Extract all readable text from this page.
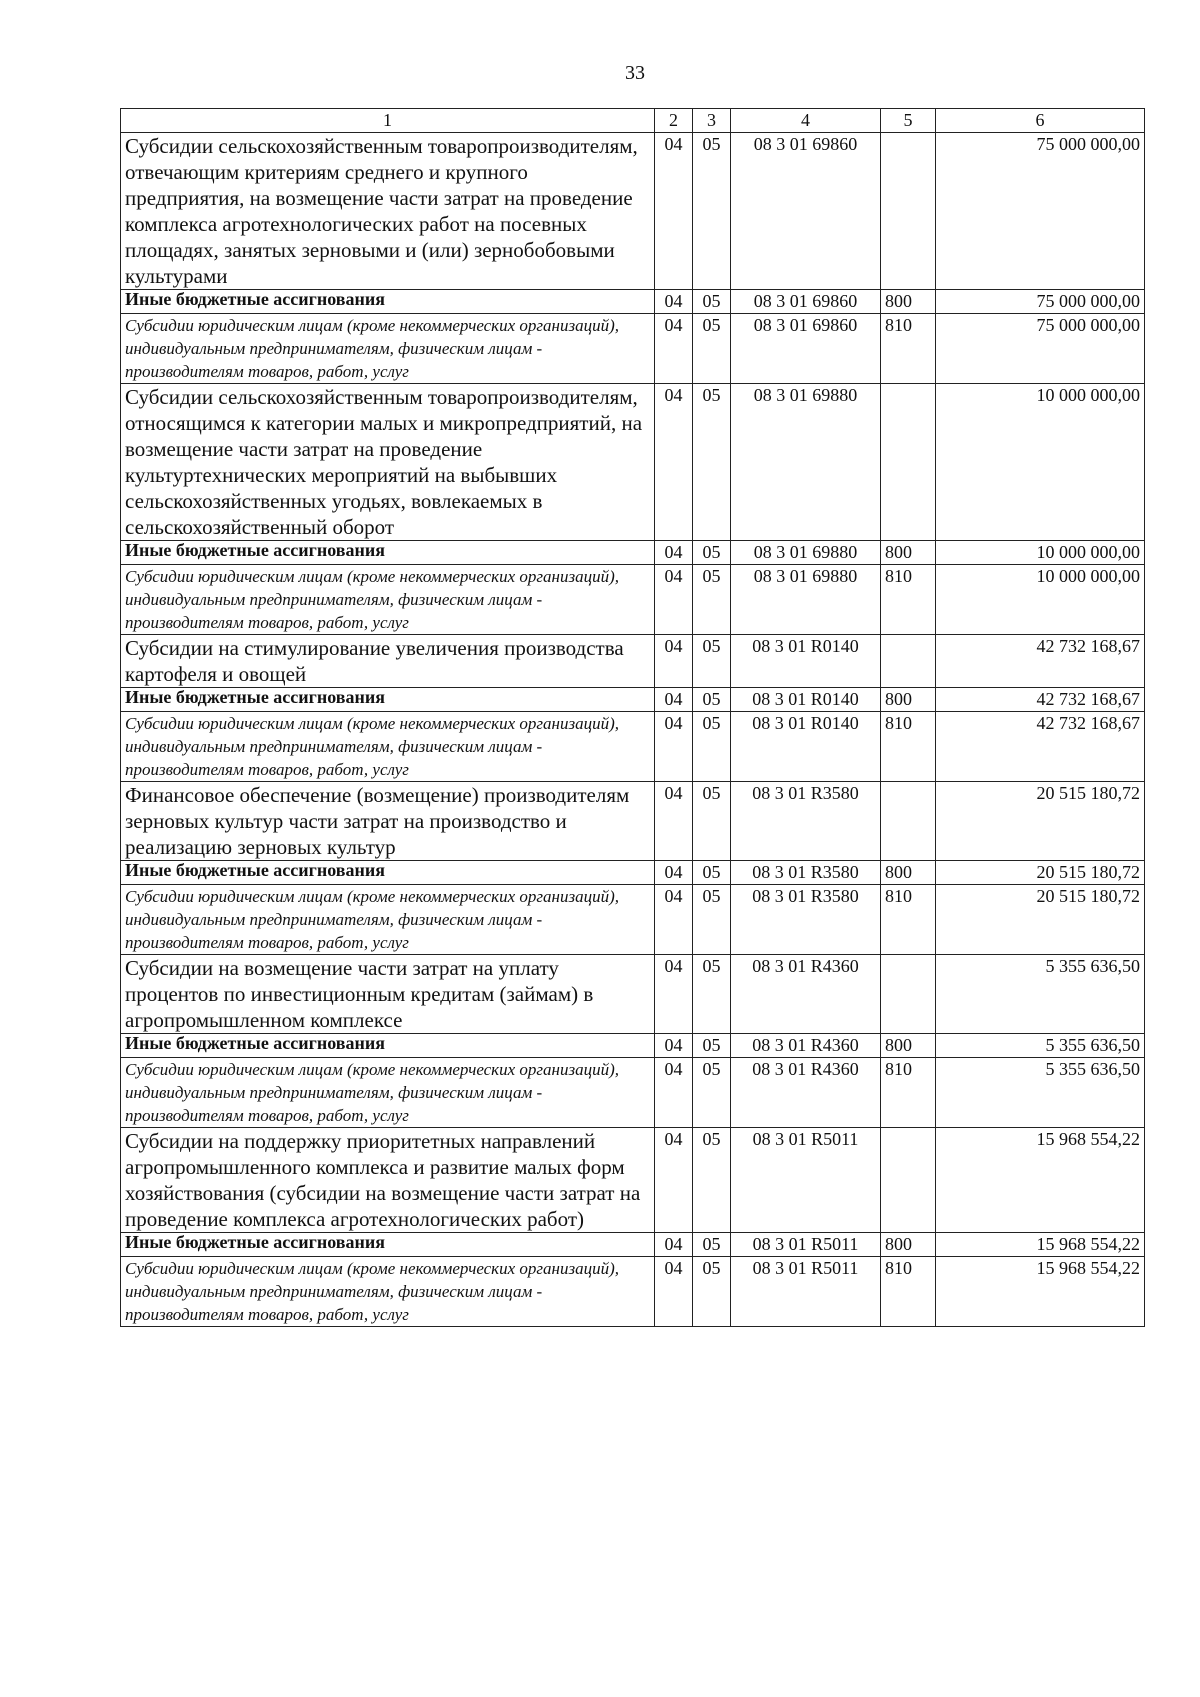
33
1	2	3	4	5	6
Субсидии сельскохозяйственным товаропроизводителям, отвечающим критериям среднего и крупного предприятия, на возмещение части затрат на проведение комплекса агротехнологических работ на посевных площадях, занятых зерновыми и (или) зернобобовыми культурами	04	05	08 3 01 69860		75 000 000,00
Иные бюджетные ассигнования	04	05	08 3 01 69860	800	75 000 000,00
Субсидии юридическим лицам (кроме некоммерческих организаций), индивидуальным предпринимателям, физическим лицам - производителям товаров, работ, услуг	04	05	08 3 01 69860	810	75 000 000,00
Субсидии сельскохозяйственным товаропроизводителям, относящимся к категории малых и микропредприятий, на возмещение части затрат на проведение культуртехнических мероприятий на выбывших сельскохозяйственных угодьях, вовлекаемых в сельскохозяйственный оборот	04	05	08 3 01 69880		10 000 000,00
Иные бюджетные ассигнования	04	05	08 3 01 69880	800	10 000 000,00
Субсидии юридическим лицам (кроме некоммерческих организаций), индивидуальным предпринимателям, физическим лицам - производителям товаров, работ, услуг	04	05	08 3 01 69880	810	10 000 000,00
Субсидии на стимулирование увеличения производства картофеля и овощей	04	05	08 3 01 R0140		42 732 168,67
Иные бюджетные ассигнования	04	05	08 3 01 R0140	800	42 732 168,67
Субсидии юридическим лицам (кроме некоммерческих организаций), индивидуальным предпринимателям, физическим лицам - производителям товаров, работ, услуг	04	05	08 3 01 R0140	810	42 732 168,67
Финансовое обеспечение (возмещение) производителям зерновых культур части затрат на производство и реализацию зерновых культур	04	05	08 3 01 R3580		20 515 180,72
Иные бюджетные ассигнования	04	05	08 3 01 R3580	800	20 515 180,72
Субсидии юридическим лицам (кроме некоммерческих организаций), индивидуальным предпринимателям, физическим лицам - производителям товаров, работ, услуг	04	05	08 3 01 R3580	810	20 515 180,72
Субсидии на возмещение части затрат на уплату процентов по инвестиционным кредитам (займам) в агропромышленном комплексе	04	05	08 3 01 R4360		5 355 636,50
Иные бюджетные ассигнования	04	05	08 3 01 R4360	800	5 355 636,50
Субсидии юридическим лицам (кроме некоммерческих организаций), индивидуальным предпринимателям, физическим лицам - производителям товаров, работ, услуг	04	05	08 3 01 R4360	810	5 355 636,50
Субсидии на поддержку приоритетных направлений агропромышленного комплекса и развитие малых форм хозяйствования (субсидии на возмещение части затрат на проведение комплекса агротехнологических работ)	04	05	08 3 01 R5011		15 968 554,22
Иные бюджетные ассигнования	04	05	08 3 01 R5011	800	15 968 554,22
Субсидии юридическим лицам (кроме некоммерческих организаций), индивидуальным предпринимателям, физическим лицам - производителям товаров, работ, услуг	04	05	08 3 01 R5011	810	15 968 554,22
